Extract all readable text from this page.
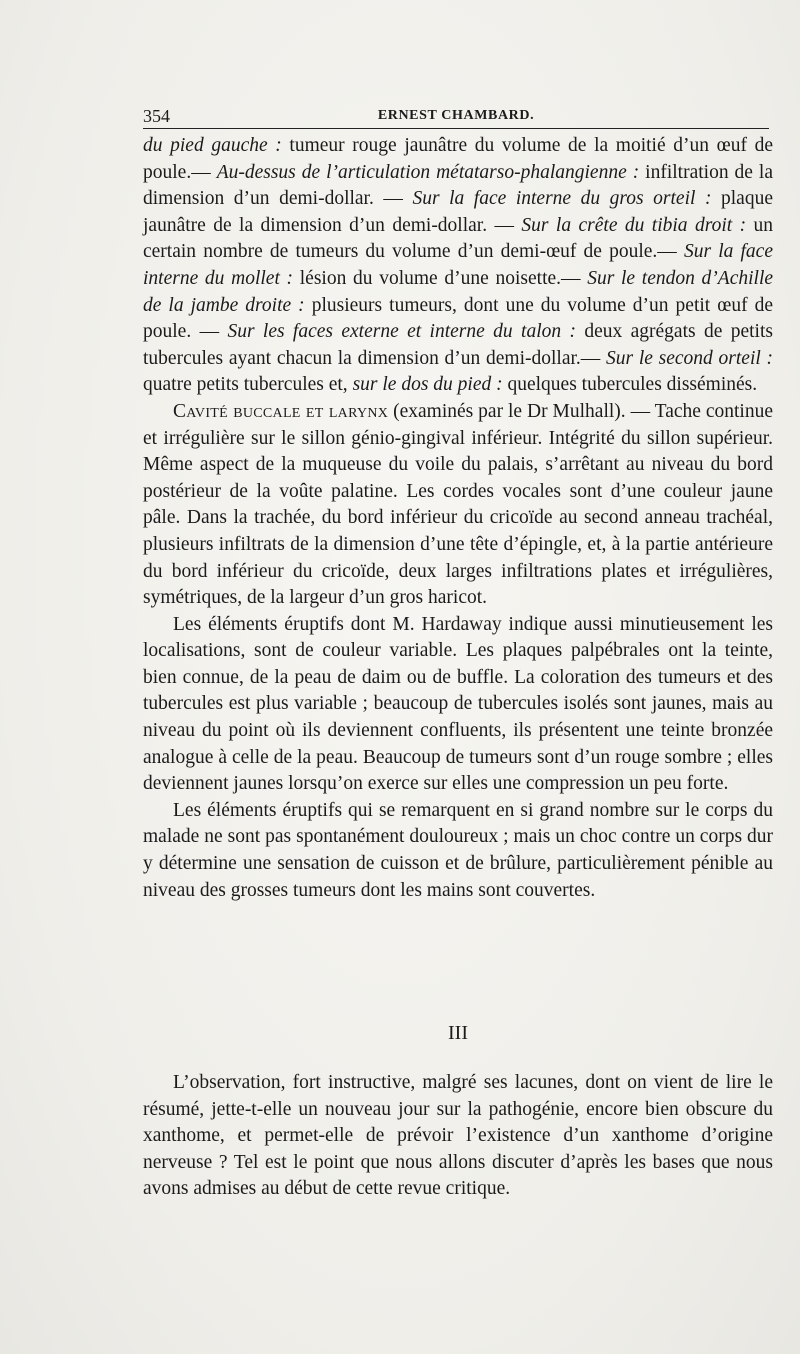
354	ERNEST CHAMBARD.

du pied gauche : tumeur rouge jaunâtre du volume de la moitié d’un œuf de poule.— Au-dessus de l’articulation métatarso-phalangienne : infiltration de la dimension d’un demi-dollar. — Sur la face interne du gros orteil : plaque jaunâtre de la dimension d’un demi-dollar. — Sur la crête du tibia droit : un certain nombre de tumeurs du volume d’un demi-œuf de poule.— Sur la face interne du mollet : lésion du volume d’une noisette.— Sur le tendon d’Achille de la jambe droite : plusieurs tumeurs, dont une du volume d’un petit œuf de poule. — Sur les faces externe et interne du talon : deux agrégats de petits tubercules ayant chacun la dimension d’un demi-dollar.— Sur le second orteil : quatre petits tubercules et, sur le dos du pied : quelques tubercules disséminés.

Cavité buccale et larynx (examinés par le Dr Mulhall). — Tache continue et irrégulière sur le sillon génio-gingival inférieur. Intégrité du sillon supérieur. Même aspect de la muqueuse du voile du palais, s’arrêtant au niveau du bord postérieur de la voûte palatine. Les cordes vocales sont d’une couleur jaune pâle. Dans la trachée, du bord inférieur du cricoïde au second anneau trachéal, plusieurs infiltrats de la dimension d’une tête d’épingle, et, à la partie antérieure du bord inférieur du cricoïde, deux larges infiltrations plates et irrégulières, symétriques, de la largeur d’un gros haricot.

Les éléments éruptifs dont M. Hardaway indique aussi minutieusement les localisations, sont de couleur variable. Les plaques palpébrales ont la teinte, bien connue, de la peau de daim ou de buffle. La coloration des tumeurs et des tubercules est plus variable ; beaucoup de tubercules isolés sont jaunes, mais au niveau du point où ils deviennent confluents, ils présentent une teinte bronzée analogue à celle de la peau. Beaucoup de tumeurs sont d’un rouge sombre ; elles deviennent jaunes lorsqu’on exerce sur elles une compression un peu forte.

Les éléments éruptifs qui se remarquent en si grand nombre sur le corps du malade ne sont pas spontanément douloureux ; mais un choc contre un corps dur y détermine une sensation de cuisson et de brûlure, particulièrement pénible au niveau des grosses tumeurs dont les mains sont couvertes.

III

L’observation, fort instructive, malgré ses lacunes, dont on vient de lire le résumé, jette-t-elle un nouveau jour sur la pathogénie, encore bien obscure du xanthome, et permet-elle de prévoir l’existence d’un xanthome d’origine nerveuse ? Tel est le point que nous allons discuter d’après les bases que nous avons admises au début de cette revue critique.
